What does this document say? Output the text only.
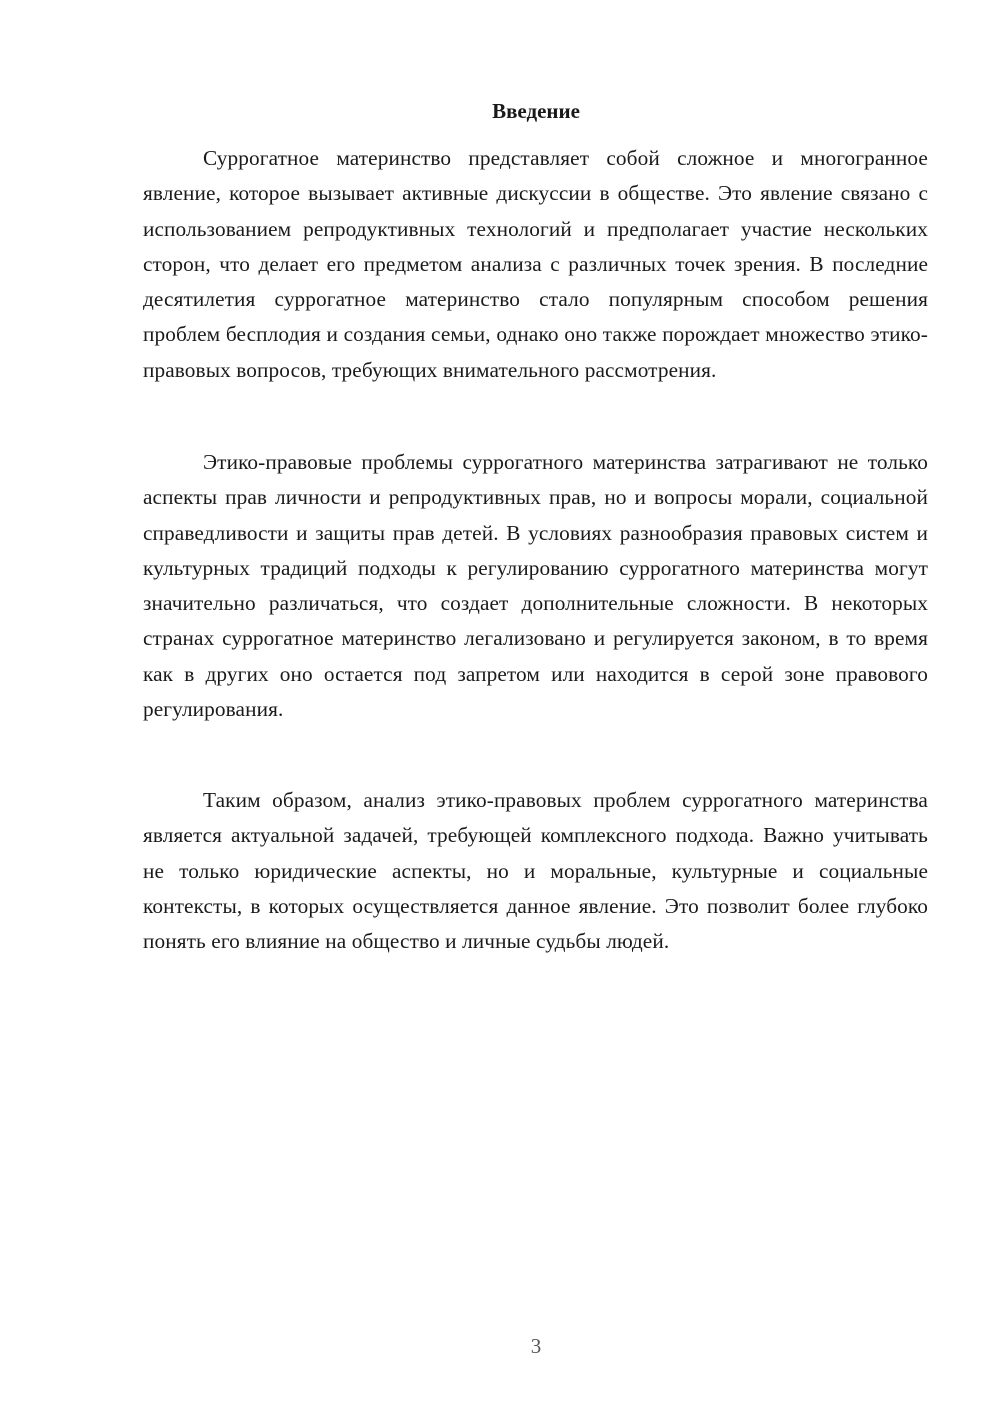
Введение

Суррогатное материнство представляет собой сложное и многогранное явление, которое вызывает активные дискуссии в обществе. Это явление связано с использованием репродуктивных технологий и предполагает участие нескольких сторон, что делает его предметом анализа с различных точек зрения. В последние десятилетия суррогатное материнство стало популярным способом решения проблем бесплодия и создания семьи, однако оно также порождает множество этико-правовых вопросов, требующих внимательного рассмотрения.

Этико-правовые проблемы суррогатного материнства затрагивают не только аспекты прав личности и репродуктивных прав, но и вопросы морали, социальной справедливости и защиты прав детей. В условиях разнообразия правовых систем и культурных традиций подходы к регулированию суррогатного материнства могут значительно различаться, что создает дополнительные сложности. В некоторых странах суррогатное материнство легализовано и регулируется законом, в то время как в других оно остается под запретом или находится в серой зоне правового регулирования.

Таким образом, анализ этико-правовых проблем суррогатного материнства является актуальной задачей, требующей комплексного подхода. Важно учитывать не только юридические аспекты, но и моральные, культурные и социальные контексты, в которых осуществляется данное явление. Это позволит более глубоко понять его влияние на общество и личные судьбы людей.

3
